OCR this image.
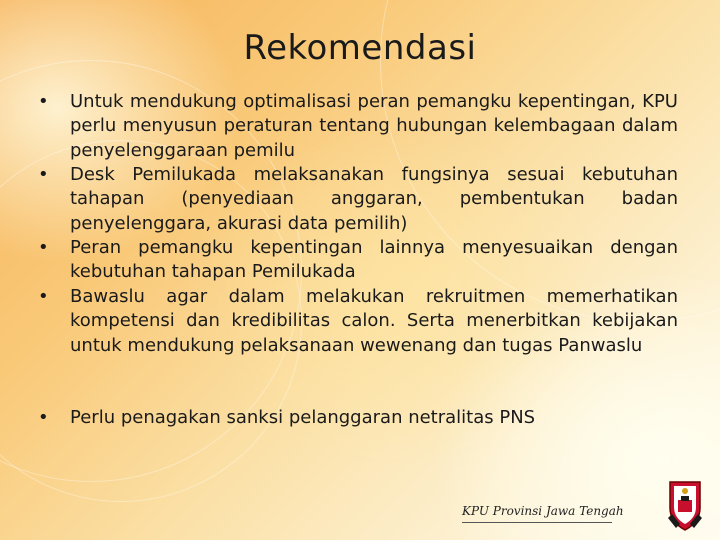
Rekomendasi
• Untuk mendukung optimalisasi peran pemangku kepentingan, KPU perlu menyusun peraturan tentang hubungan kelembagaan dalam penyelenggaraan pemilu
• Desk Pemilukada melaksanakan fungsinya sesuai kebutuhan tahapan (penyediaan anggaran, pembentukan badan penyelenggara, akurasi data pemilih)
• Peran pemangku kepentingan lainnya menyesuaikan dengan kebutuhan tahapan Pemilukada
• Bawaslu agar dalam melakukan rekruitmen memerhatikan kompetensi dan kredibilitas calon. Serta menerbitkan kebijakan untuk mendukung pelaksanaan wewenang dan tugas Panwaslu
• Perlu penagakan sanksi pelanggaran netralitas PNS
KPU Provinsi Jawa Tengah
